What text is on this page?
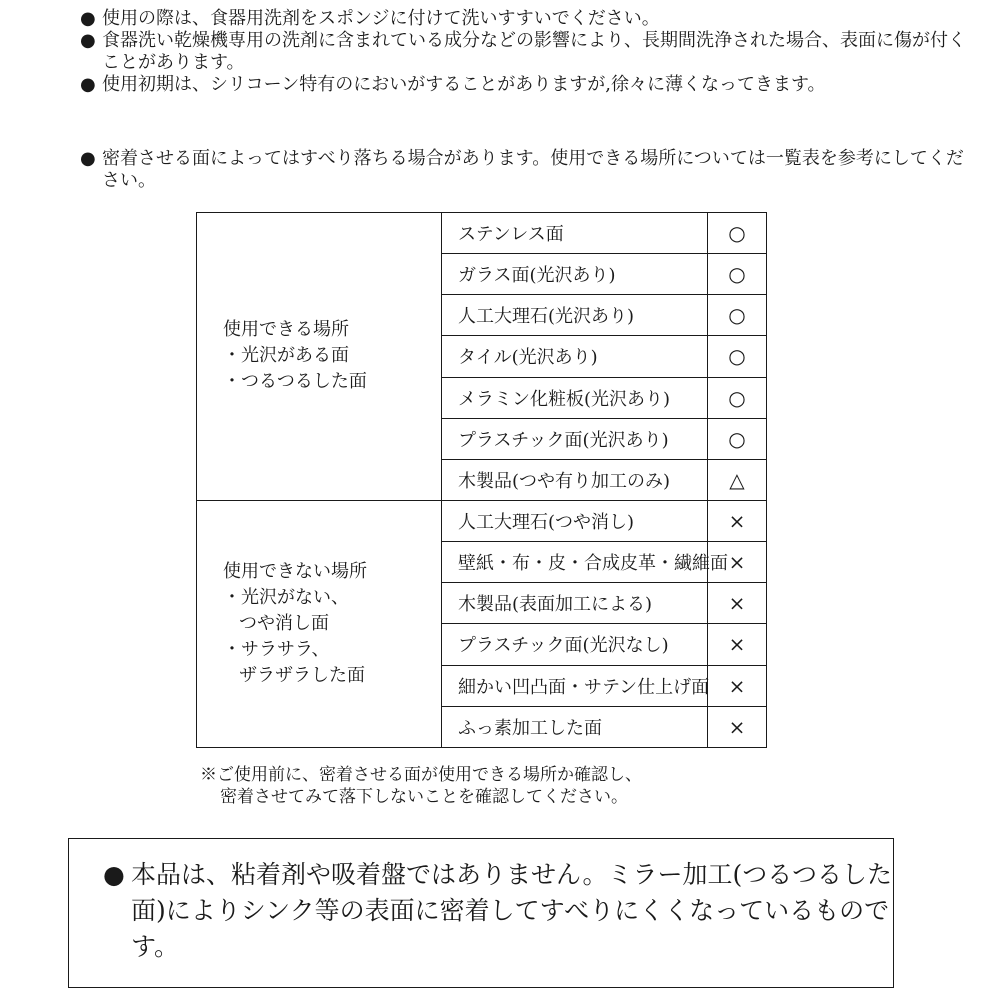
● 使用の際は、食器用洗剤をスポンジに付けて洗いすすいでください。
● 食器洗い乾燥機専用の洗剤に含まれている成分などの影響により、長期間洗浄された場合、表面に傷が付くことがあります。
● 使用初期は、シリコーン特有のにおいがすることがありますが,徐々に薄くなってきます。
● 密着させる面によってはすべり落ちる場合があります。使用できる場所については一覧表を参考にしてください。
使用できる場所
・光沢がある面
・つるつるした面	ステンレス面	○
	ガラス面(光沢あり)	○
	人工大理石(光沢あり)	○
	タイル(光沢あり)	○
	メラミン化粧板(光沢あり)	○
	プラスチック面(光沢あり)	○
	木製品(つや有り加工のみ)	△

使用できない場所
・光沢がない、
つや消し面
・サラサラ、
ザラザラした面	人工大理石(つや消し)	×
	壁紙・布・皮・合成皮革・繊維面	×
	木製品(表面加工による)	×
	プラスチック面(光沢なし)	×
	細かい凹凸面・サテン仕上げ面	×
	ふっ素加工した面	×
※ご使用前に、密着させる面が使用できる場所か確認し、
密着させてみて落下しないことを確認してください。
● 本品は、粘着剤や吸着盤ではありません。ミラー加工(つるつるした面)によりシンク等の表面に密着してすべりにくくなっているものです。
